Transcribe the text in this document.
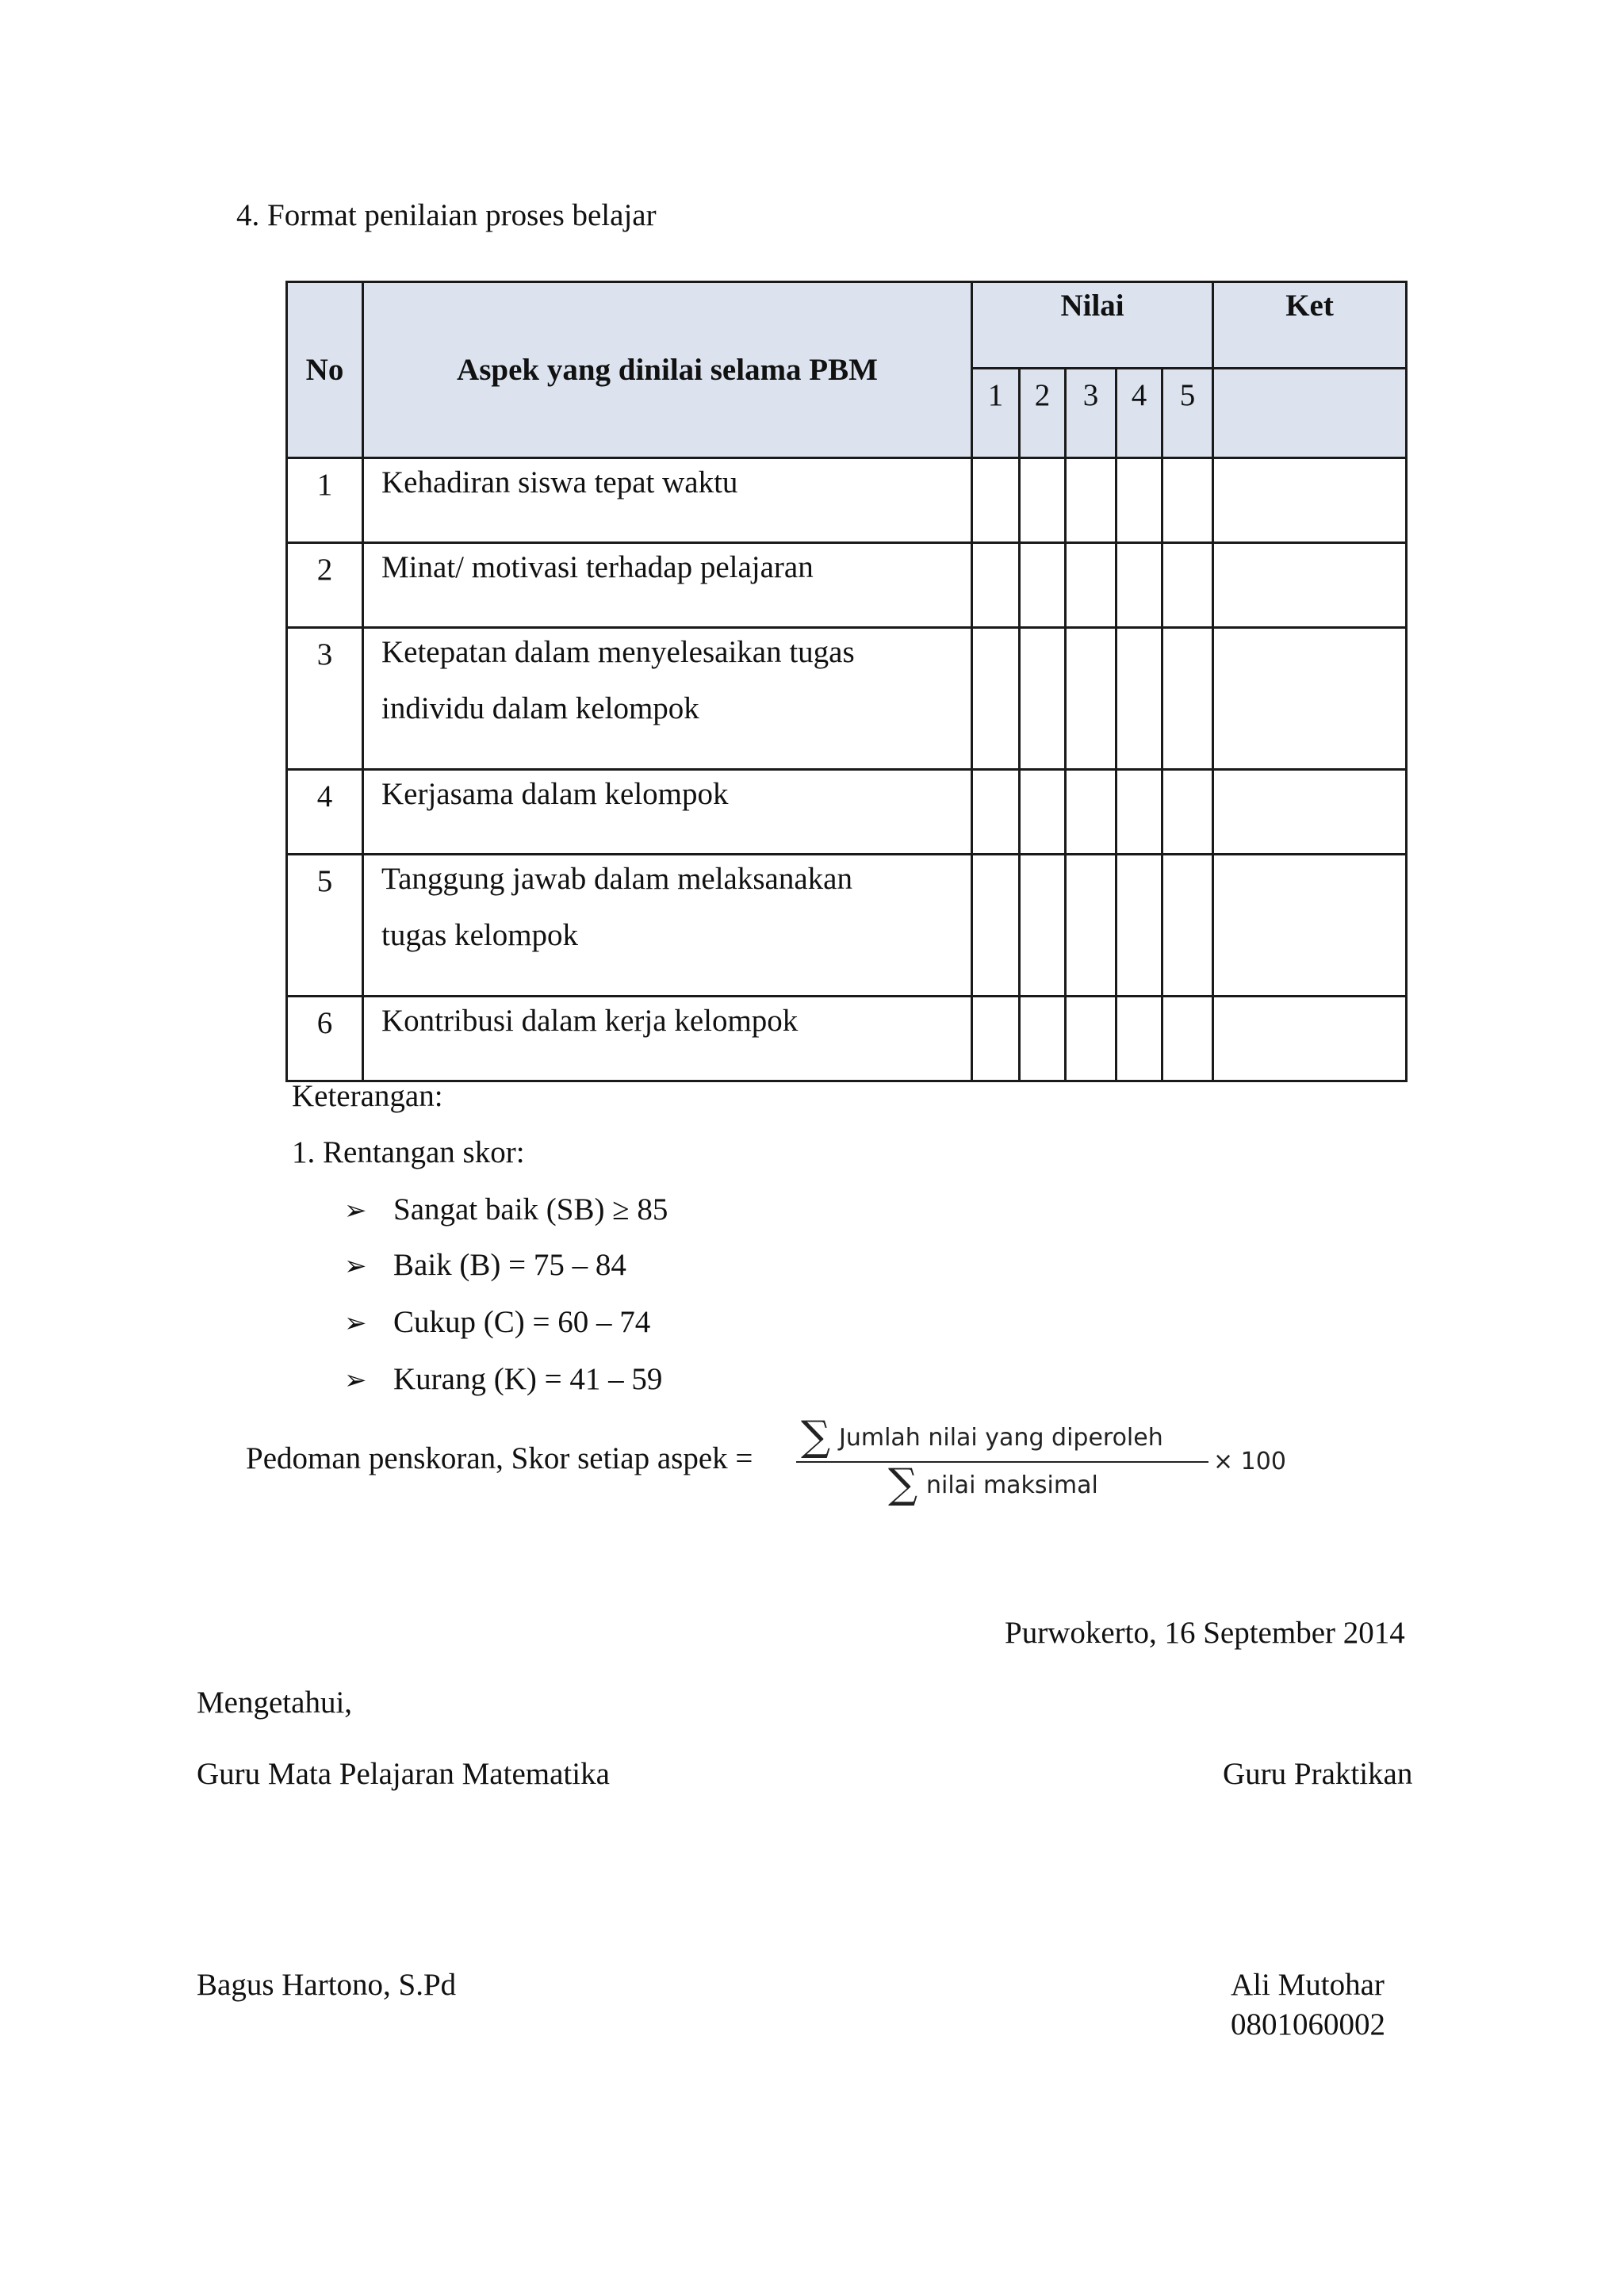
4. Format penilaian proses belajar
No	Aspek yang dinilai selama PBM	Nilai					Ket
		1	2	3	4	5	
1	Kehadiran siswa tepat waktu						

2	Minat/ motivasi terhadap pelajaran						

3	Ketepatan dalam menyelesaikan tugas
individu dalam kelompok						

4	Kerjasama dalam kelompok						

5	Tanggung jawab dalam melaksanakan
tugas kelompok						

6	Kontribusi dalam kerja kelompok						

Keterangan:
1. Rentangan skor:
➢ Sangat baik (SB) ≥ 85
➢ Baik (B) = 75 – 84
➢ Cukup (C) = 60 – 74
➢ Kurang (K) = 41 – 59
Pedoman penskoran, Skor setiap aspek = ∑ Jumlah nilai yang diperoleh
∑ nilai maksimal
× 100
Purwokerto, 16 September 2014
Mengetahui,
Guru Mata Pelajaran Matematika	Guru Praktikan
Bagus Hartono, S.Pd	Ali Mutohar
0801060002
